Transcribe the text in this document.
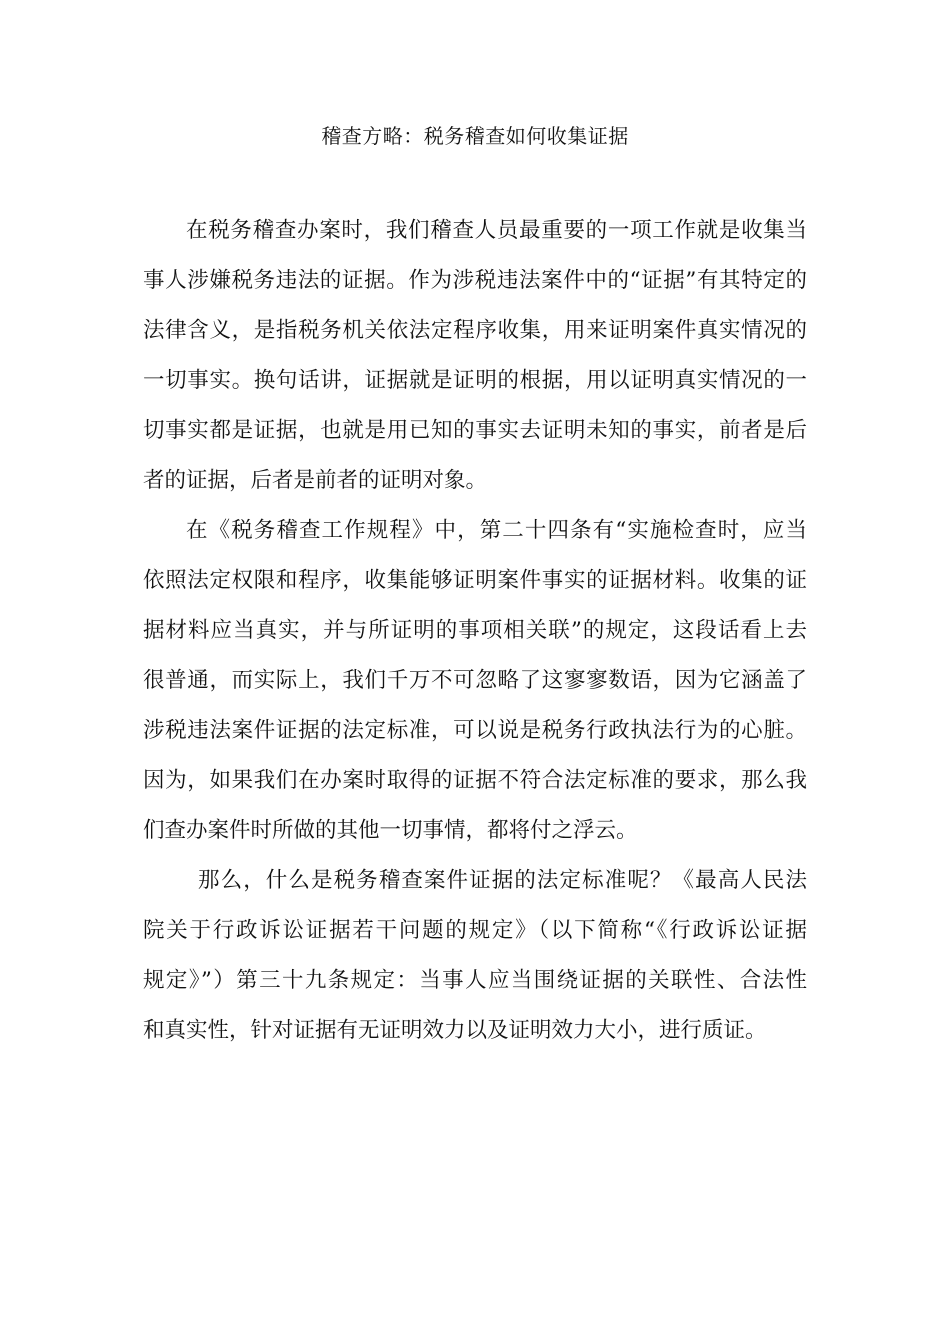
稽查方略：税务稽查如何收集证据
在税务稽查办案时，我们稽查人员最重要的一项工作就是收集当
事人涉嫌税务违法的证据。作为涉税违法案件中的“证据”有其特定的
法律含义，是指税务机关依法定程序收集，用来证明案件真实情况的
一切事实。换句话讲，证据就是证明的根据，用以证明真实情况的一
切事实都是证据，也就是用已知的事实去证明未知的事实，前者是后
者的证据，后者是前者的证明对象。
在《税务稽查工作规程》中，第二十四条有“实施检查时，应当
依照法定权限和程序，收集能够证明案件事实的证据材料。收集的证
据材料应当真实，并与所证明的事项相关联”的规定，这段话看上去
很普通，而实际上，我们千万不可忽略了这寥寥数语，因为它涵盖了
涉税违法案件证据的法定标准，可以说是税务行政执法行为的心脏。
因为，如果我们在办案时取得的证据不符合法定标准的要求，那么我
们查办案件时所做的其他一切事情，都将付之浮云。
那么，什么是税务稽查案件证据的法定标准呢？《最高人民法
院关于行政诉讼证据若干问题的规定》（以下简称“《行政诉讼证据
规定》”）第三十九条规定：当事人应当围绕证据的关联性、合法性
和真实性，针对证据有无证明效力以及证明效力大小，进行质证。
